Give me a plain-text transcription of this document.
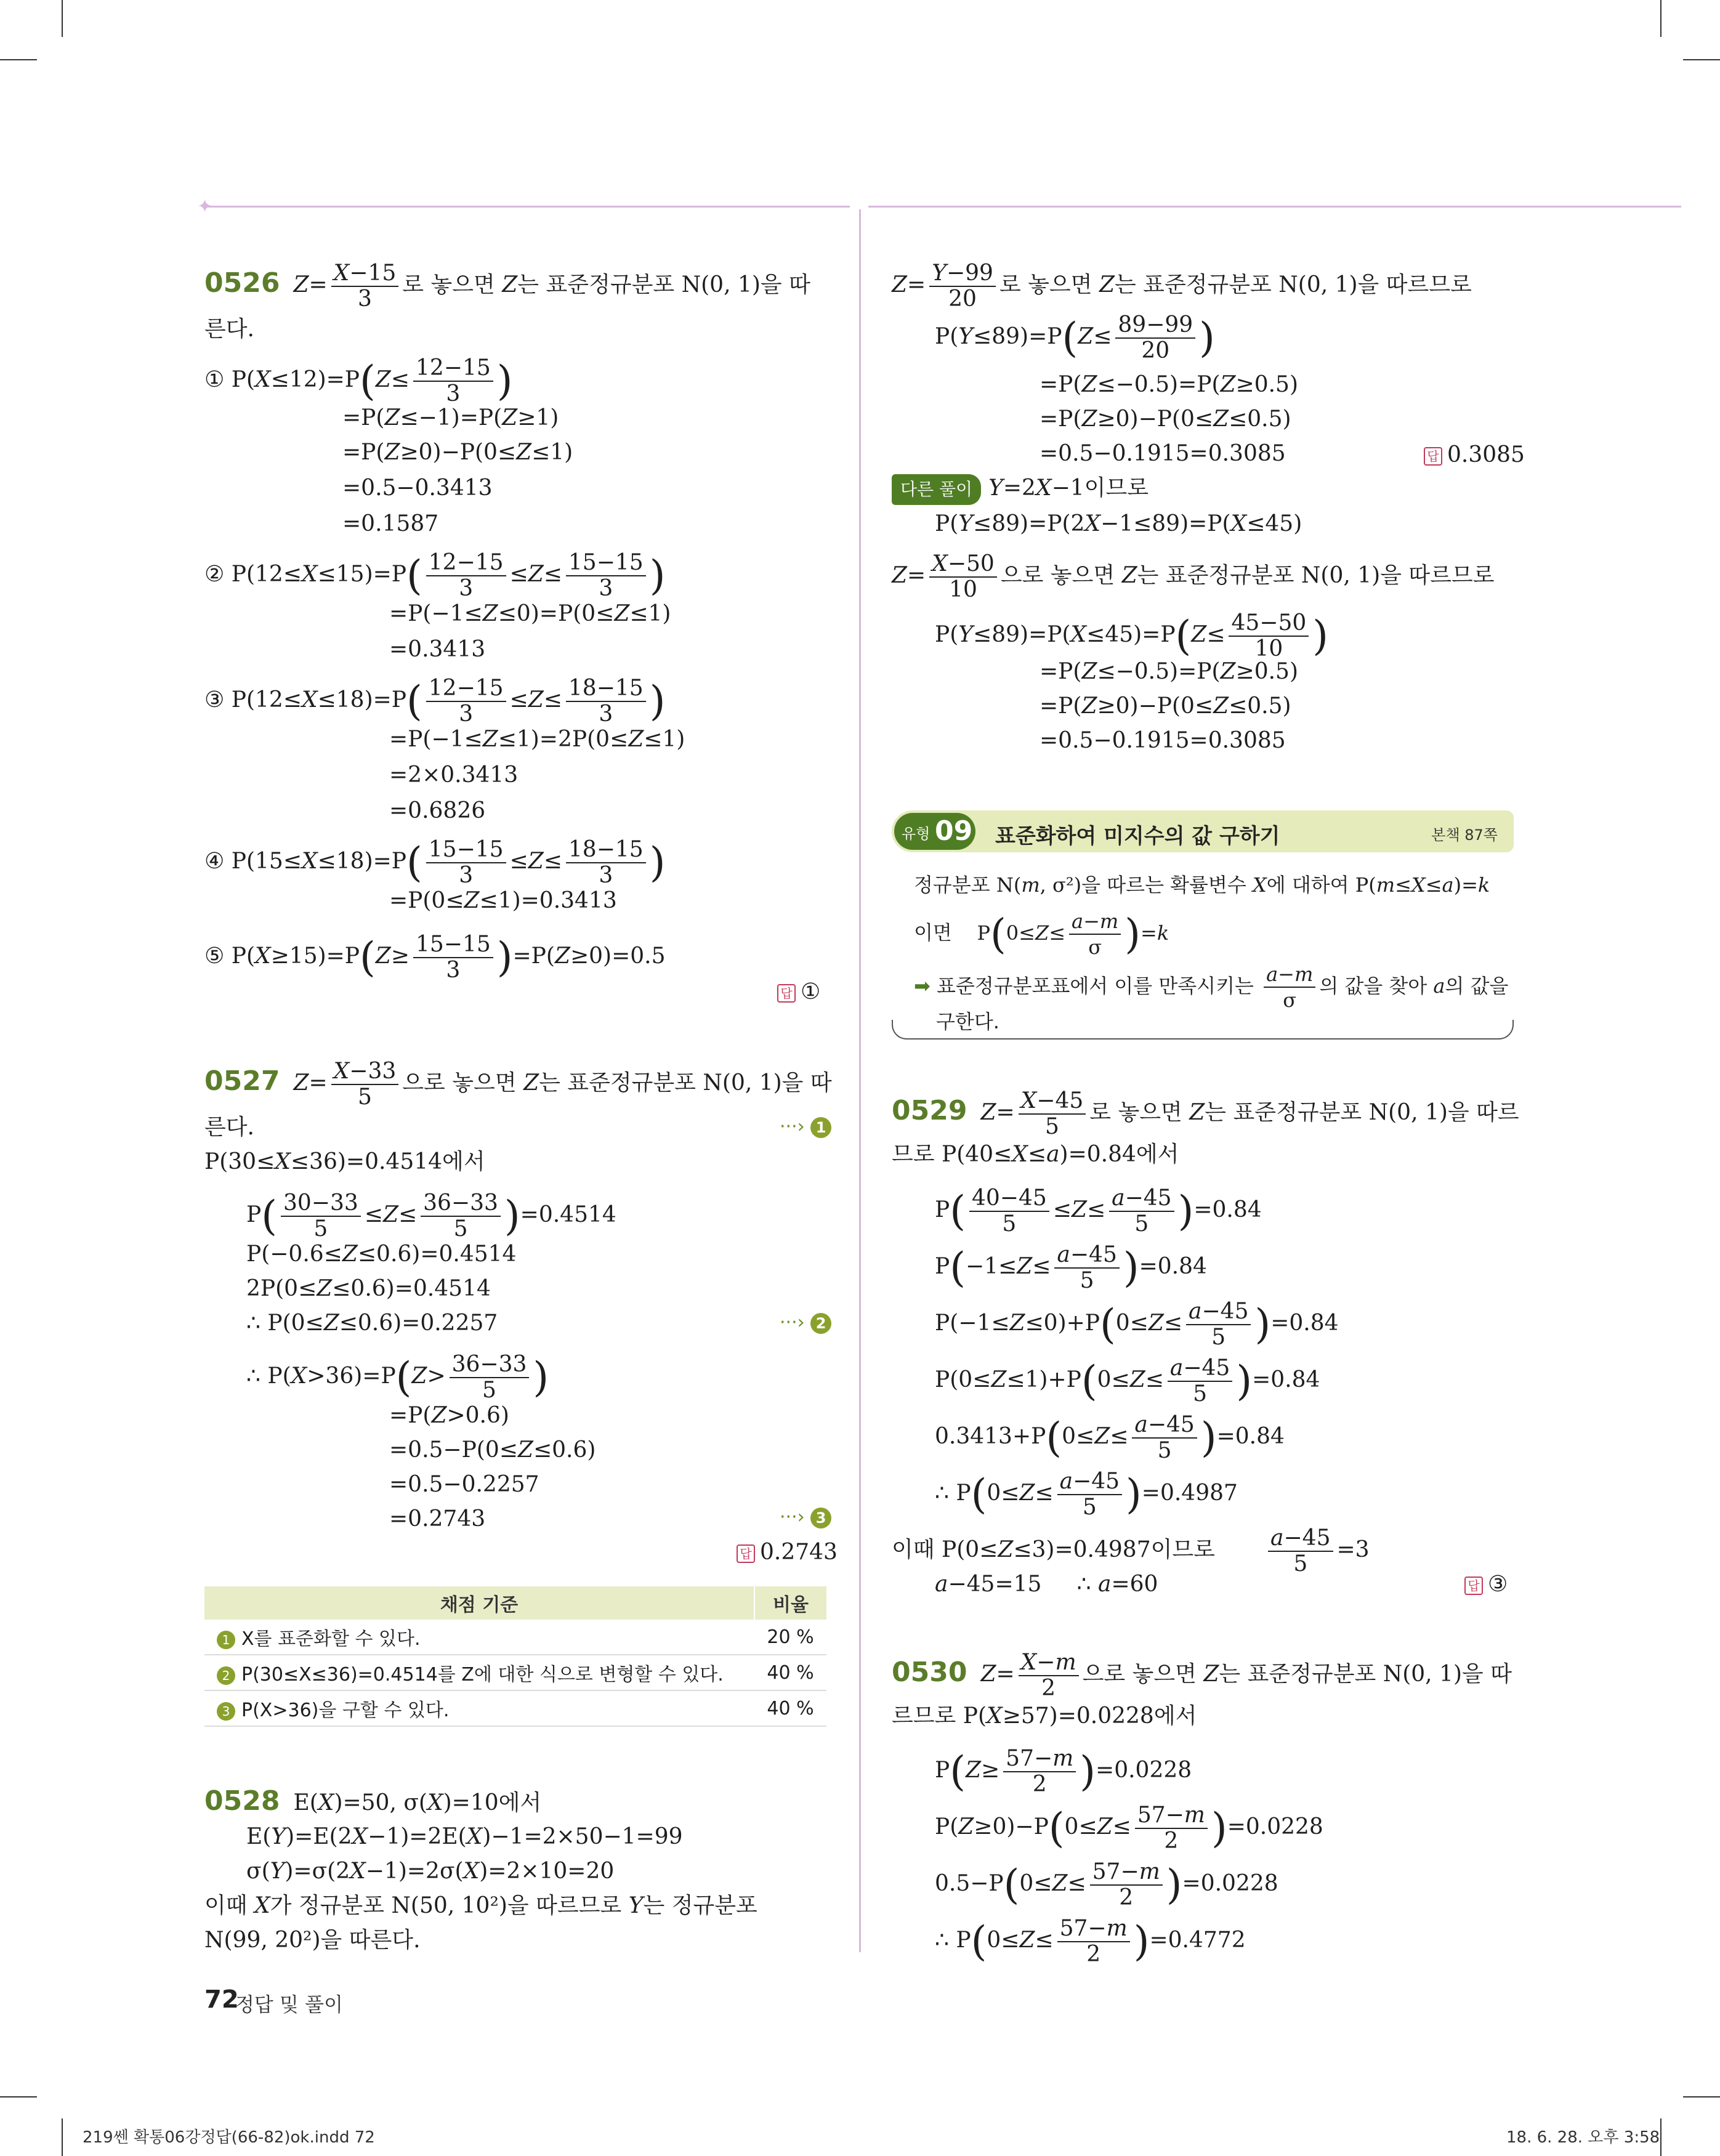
✦
0526 $Z= \frac{X-15}{3}$ 로 놓으면 Z는 표준정규분포 N(0, 1)을 따
른다.
① $P(X\le 12)=P(Z\le \frac{12-15}{3}$ )
=P(Z≤−1)=P(Z≥1)
=P(Z≥0)−P(0≤Z≤1)
=0.5−0.3413
=0.1587
② $P(12\le X\le 15)=P( \frac{12-15}{3} \le Z\le \frac{15-15}{3}$ )
=P(−1≤Z≤0)=P(0≤Z≤1)
=0.3413
③ $P(12\le X\le 18)=P( \frac{12-15}{3} \le Z\le \frac{18-15}{3}$ )
=P(−1≤Z≤1)=2P(0≤Z≤1)
=2×0.3413
=0.6826
④ $P(15\le X\le 18)=P( \frac{15-15}{3} \le Z\le \frac{18-15}{3}$ )
=P(0≤Z≤1)=0.3413
⑤ $P(X\ge 15)=P(Z\ge \frac{15-15}{3} )=P(Z\ge 0)=0.5$
답 ①
0527 $Z= \frac{X-33}{5}$ 으로 놓으면 Z는 표준정규분포 N(0, 1)을 따
른다.	···› 1
P(30≤X≤36)=0.4514에서
$P( \frac{30-33}{5} \le Z\le \frac{36-33}{5} )=0.4514$
P(−0.6≤Z≤0.6)=0.4514
2P(0≤Z≤0.6)=0.4514
∴ P(0≤Z≤0.6)=0.2257	···› 2
∴ $P(X>36)=P(Z> \frac{36-33}{5}$ )
=P(Z>0.6)
=0.5−P(0≤Z≤0.6)
=0.5−0.2257
=0.2743	···› 3
답 0.2743
채점 기준	비율
1 X를 표준화할 수 있다.	20 %
2 P(30≤X≤36)=0.4514를 Z에 대한 식으로 변형할 수 있다.	40 %
3 P(X>36)을 구할 수 있다.	40 %
0528 E(X)=50, σ(X)=10에서
E(Y)=E(2X−1)=2E(X)−1=2×50−1=99
σ(Y)=σ(2X−1)=2σ(X)=2×10=20
이때 X가 정규분포 N(50, 10²)을 따르므로 Y는 정규분포
N(99, 20²)을 따른다.
$Z= \frac{Y-99}{20}$ 로 놓으면 Z는 표준정규분포 N(0, 1)을 따르므로
$P(Y\le 89)=P(Z\le \frac{89-99}{20}$ )
=P(Z≤−0.5)=P(Z≥0.5)
=P(Z≥0)−P(0≤Z≤0.5)
=0.5−0.1915=0.3085	답 0.3085
다른 풀이 Y=2X−1이므로
P(Y≤89)=P(2X−1≤89)=P(X≤45)
$Z= \frac{X-50}{10}$ 으로 놓으면 Z는 표준정규분포 N(0, 1)을 따르므로
$P(Y\le 89)=P(X\le 45)=P(Z\le \frac{45-50}{10}$ )
=P(Z≤−0.5)=P(Z≥0.5)
=P(Z≥0)−P(0≤Z≤0.5)
=0.5−0.1915=0.3085
유형 09 표준화하여 미지수의 값 구하기	본책 87쪽
정규분포 N(m, σ²)을 따르는 확률변수 X에 대하여 P(m≤X≤a)=k
이면    $P(0\le Z\le \frac{a-m}{\sigma} )=k$
➡ 표준정규분포표에서 이를 만족시키는 $\frac{a-m}{\sigma}$ 의 값을 찾아 a의 값을
구한다.
0529 $Z= \frac{X-45}{5}$ 로 놓으면 Z는 표준정규분포 N(0, 1)을 따르
므로 P(40≤X≤a)=0.84에서
$P( \frac{40-45}{5} \le Z\le \frac{a-45}{5} )=0.84$
$P(-1\le Z\le \frac{a-45}{5} )=0.84$
$P(-1\le Z\le 0)+P(0\le Z\le \frac{a-45}{5} )=0.84$
$P(0\le Z\le 1)+P(0\le Z\le \frac{a-45}{5} )=0.84$
$0.3413+P(0\le Z\le \frac{a-45}{5} )=0.84$
∴ $P(0\le Z\le \frac{a-45}{5} )=0.4987$
이때 P(0≤Z≤3)=0.4987이므로 $\frac{a-45}{5} =3$
a−45=15     ∴ a=60	답 ③
0530 $Z= \frac{X-m}{2}$ 으로 놓으면 Z는 표준정규분포 N(0, 1)을 따
르므로 P(X≥57)=0.0228에서
$P(Z\ge \frac{57-m}{2} )=0.0228$
$P(Z\ge 0)-P(0\le Z\le \frac{57-m}{2} )=0.0228$
$0.5-P(0\le Z\le \frac{57-m}{2} )=0.0228$
∴ $P(0\le Z\le \frac{57-m}{2} )=0.4772$
72
정답 및 풀이
219쎈 확통06강정답(66-82)ok.indd 72	18. 6. 28. 오후 3:58
